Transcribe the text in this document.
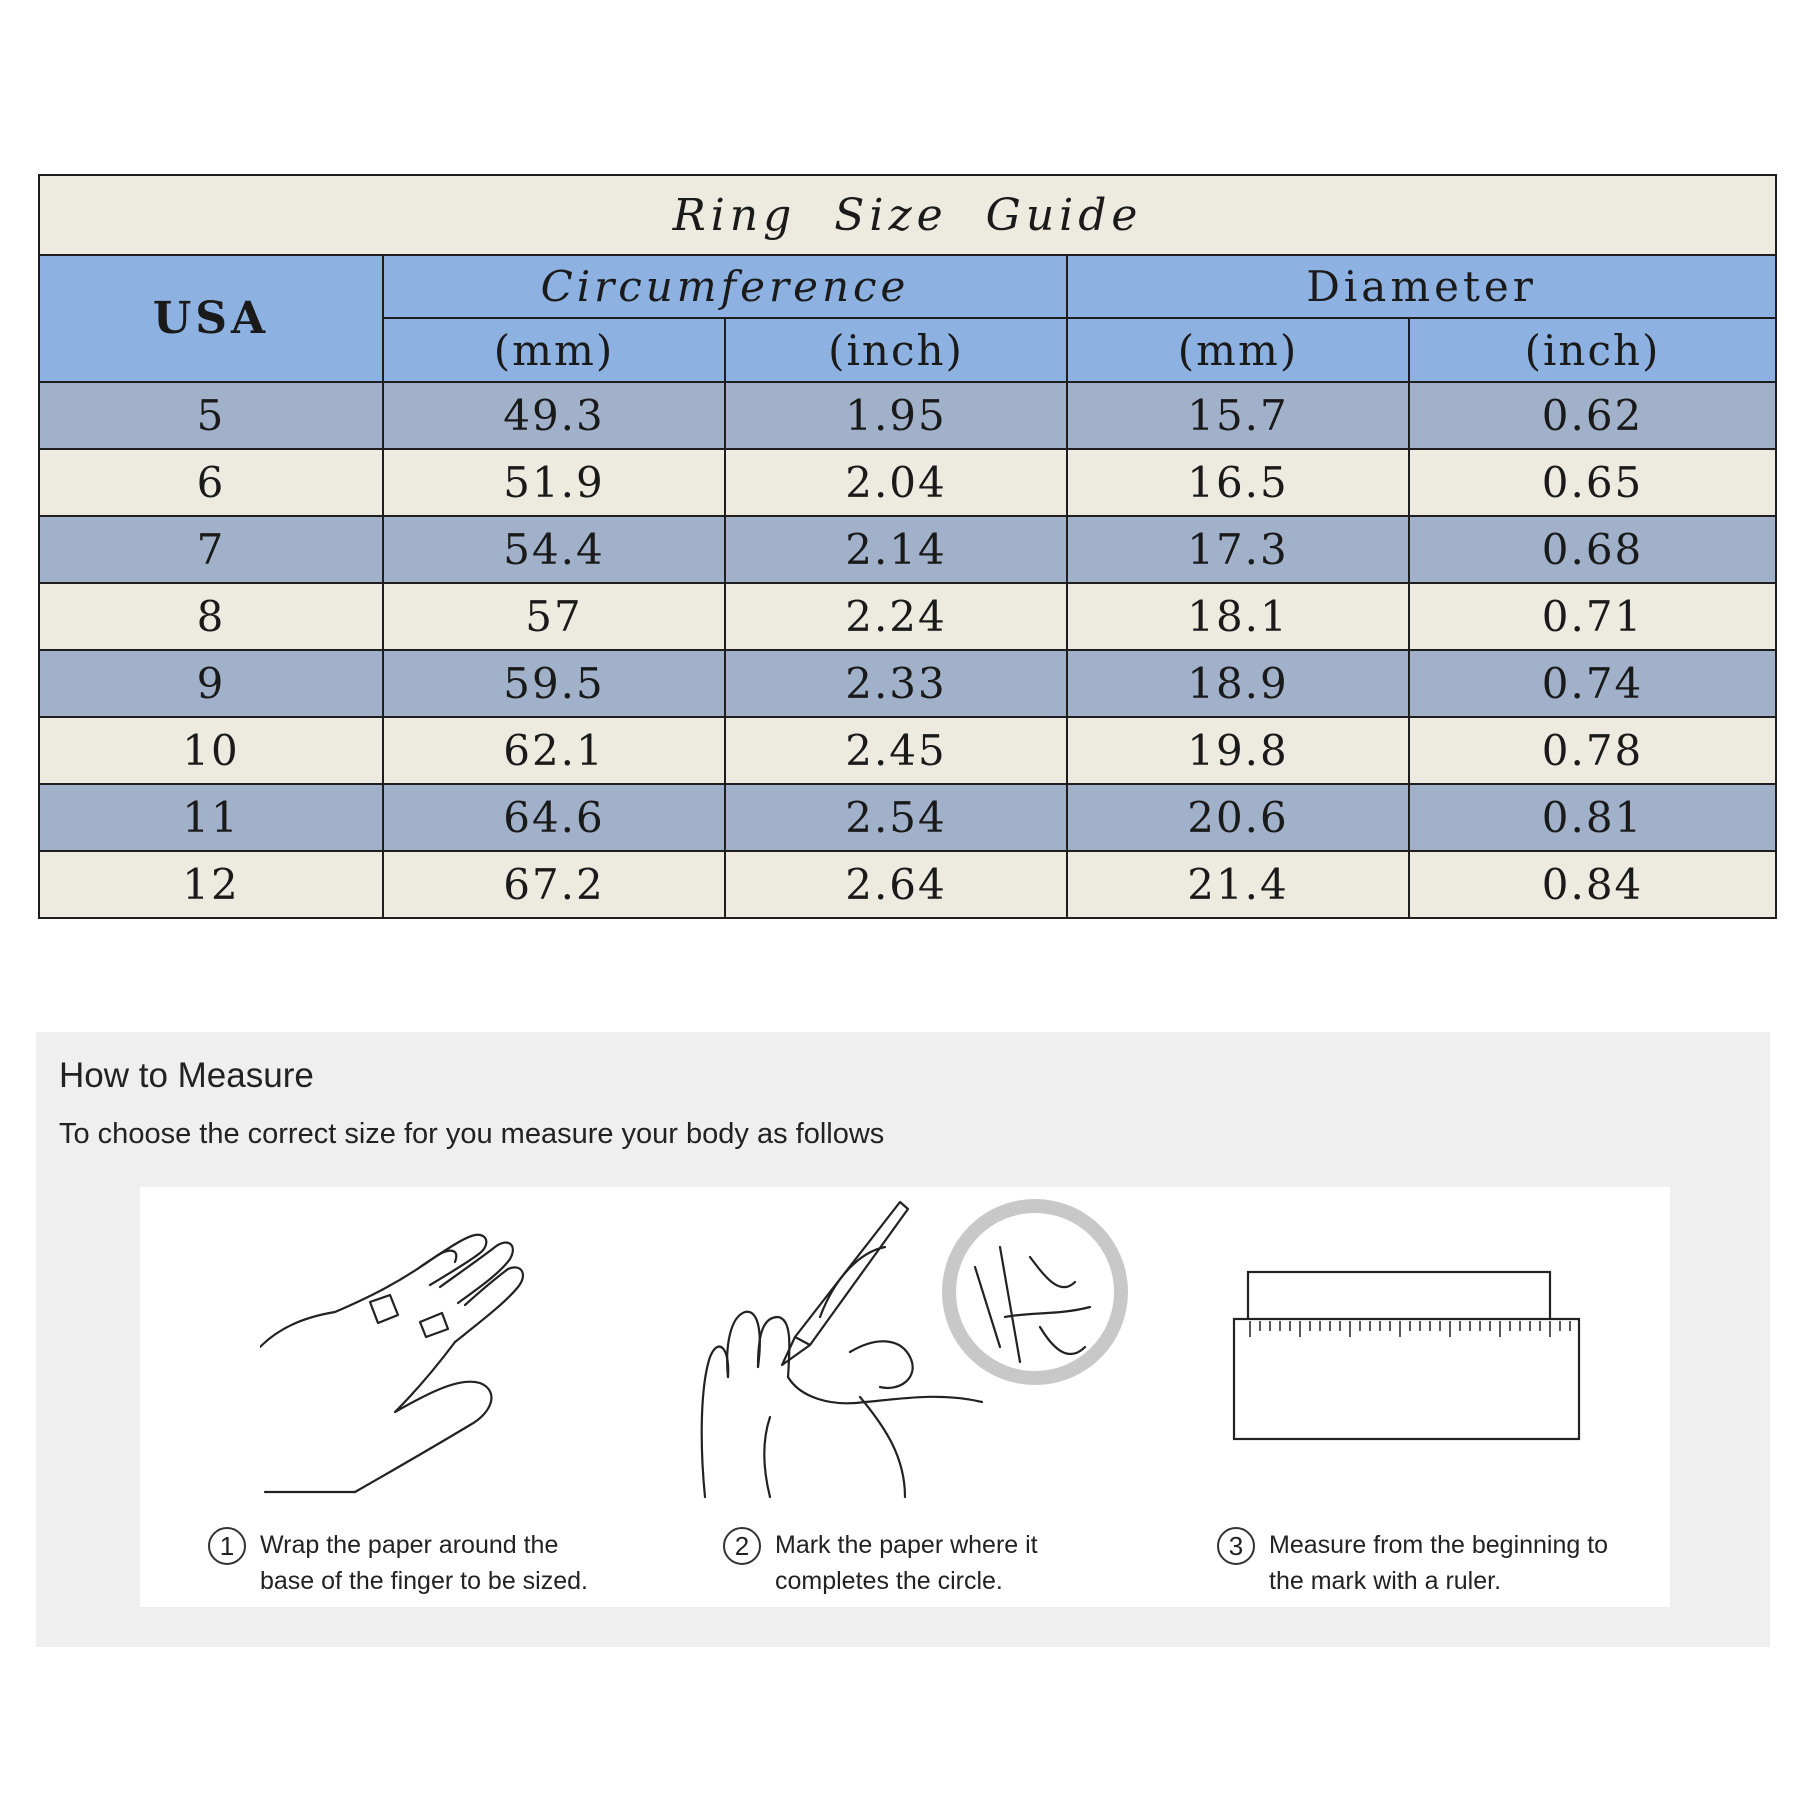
Ring  Size  Guide				
USA	Circumference		Diameter	
	(mm)	(inch)	(mm)	(inch)
5	49.3	1.95	15.7	0.62
6	51.9	2.04	16.5	0.65
7	54.4	2.14	17.3	0.68
8	57	2.24	18.1	0.71
9	59.5	2.33	18.9	0.74
10	62.1	2.45	19.8	0.78
11	64.6	2.54	20.6	0.81
12	67.2	2.64	21.4	0.84
How to Measure

To choose the correct size for you measure your body as follows

1	Wrap the paper around the
base of the finger to be sized.
2	Mark the paper where it
completes the circle.
3	Measure from the beginning to
the mark with a ruler.
